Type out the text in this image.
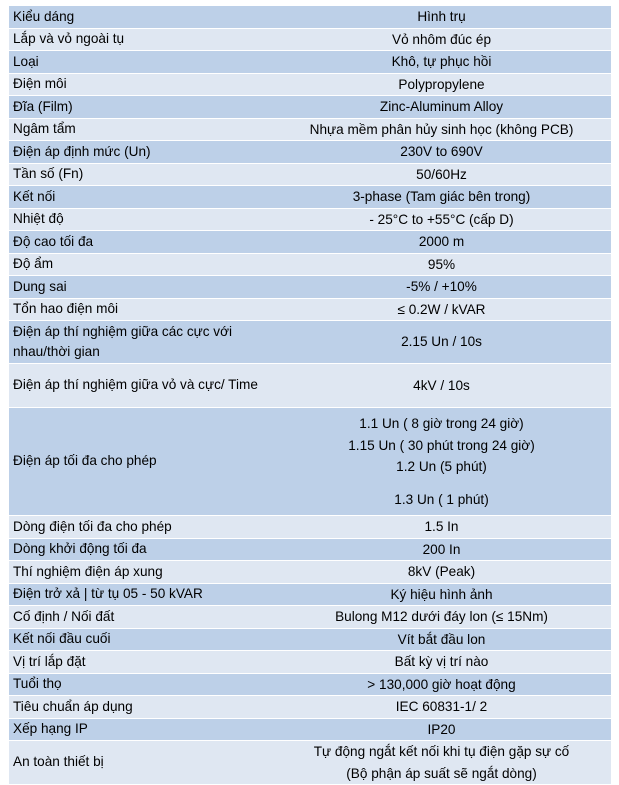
Kiểu dáng	Hình trụ

Lắp và vỏ ngoài tụ	Vỏ nhôm đúc ép

Loại	Khô, tự phục hồi

Điện môi	Polypropylene

Đĩa (Film)	Zinc-Aluminum Alloy

Ngâm tẩm	Nhựa mềm phân hủy sinh học (không PCB)

Điện áp định mức (Un)	230V to 690V

Tần số (Fn)	50/60Hz

Kết nối	3-phase (Tam giác bên trong)

Nhiệt độ	- 25°C to +55°C (cấp D)

Độ cao tối đa	2000 m

Độ ẩm	95%

Dung sai	-5% / +10%

Tổn hao điện môi	≤ 0.2W / kVAR

Điện áp thí nghiệm giữa các cực với nhau/thời gian	2.15 Un / 10s

Điện áp thí nghiệm giữa vỏ và cực/ Time	4kV / 10s

Điện áp tối đa cho phép	1.1 Un ( 8 giờ trong 24 giờ)
1.15 Un ( 30 phút trong 24 giờ)
1.2 Un (5 phút)
1.3 Un ( 1 phút)

Dòng điện tối đa cho phép	1.5 In

Dòng khởi động tối đa	200 In

Thí nghiệm điện áp xung	8kV (Peak)

Điện trở xả | từ tụ 05 - 50 kVAR	Ký hiệu hình ảnh

Cố định / Nối đất	Bulong M12 dưới đáy lon (≤ 15Nm)

Kết nối đầu cuối	Vít bắt đầu lon

Vị trí lắp đặt	Bất kỳ vị trí nào

Tuổi thọ	> 130,000 giờ hoạt động

Tiêu chuẩn áp dụng	IEC 60831-1/ 2

Xếp hạng IP	IP20

An toàn thiết bị	Tự động ngắt kết nối khi tụ điện gặp sự cố
(Bộ phận áp suất sẽ ngắt dòng)
